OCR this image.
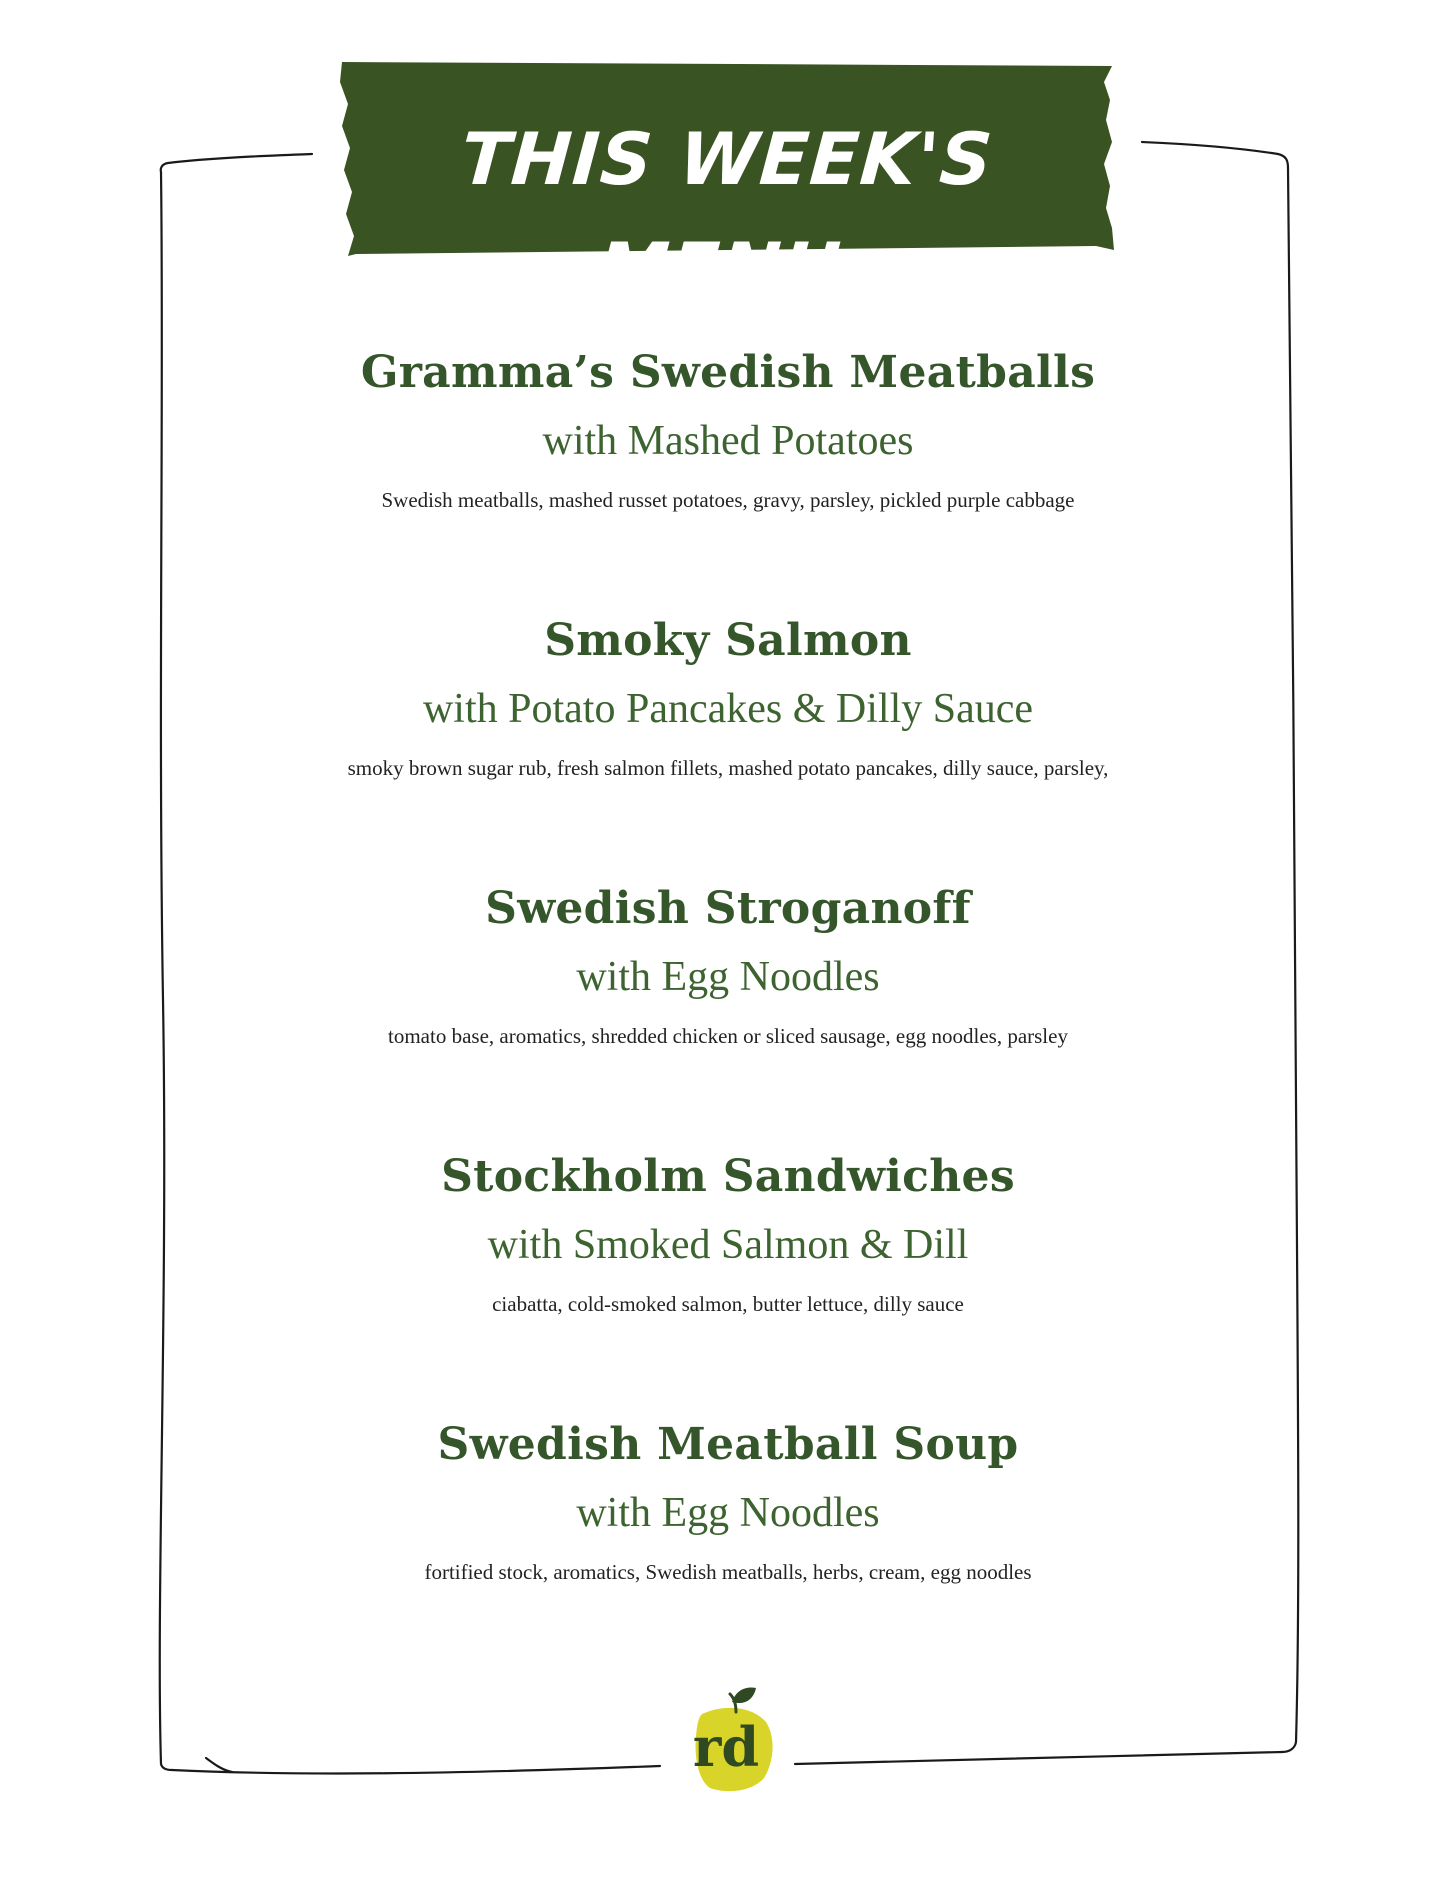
THIS WEEK'S MENU
Gramma’s Swedish Meatballs
with Mashed Potatoes
Swedish meatballs, mashed russet potatoes, gravy, parsley, pickled purple cabbage
Smoky Salmon
with Potato Pancakes & Dilly Sauce
smoky brown sugar rub, fresh salmon fillets, mashed potato pancakes, dilly sauce, parsley,
Swedish Stroganoff
with Egg Noodles
tomato base, aromatics, shredded chicken or sliced sausage, egg noodles, parsley
Stockholm Sandwiches
with Smoked Salmon & Dill
ciabatta, cold-smoked salmon, butter lettuce, dilly sauce
Swedish Meatball Soup
with Egg Noodles
fortified stock, aromatics, Swedish meatballs, herbs, cream, egg noodles
rd
